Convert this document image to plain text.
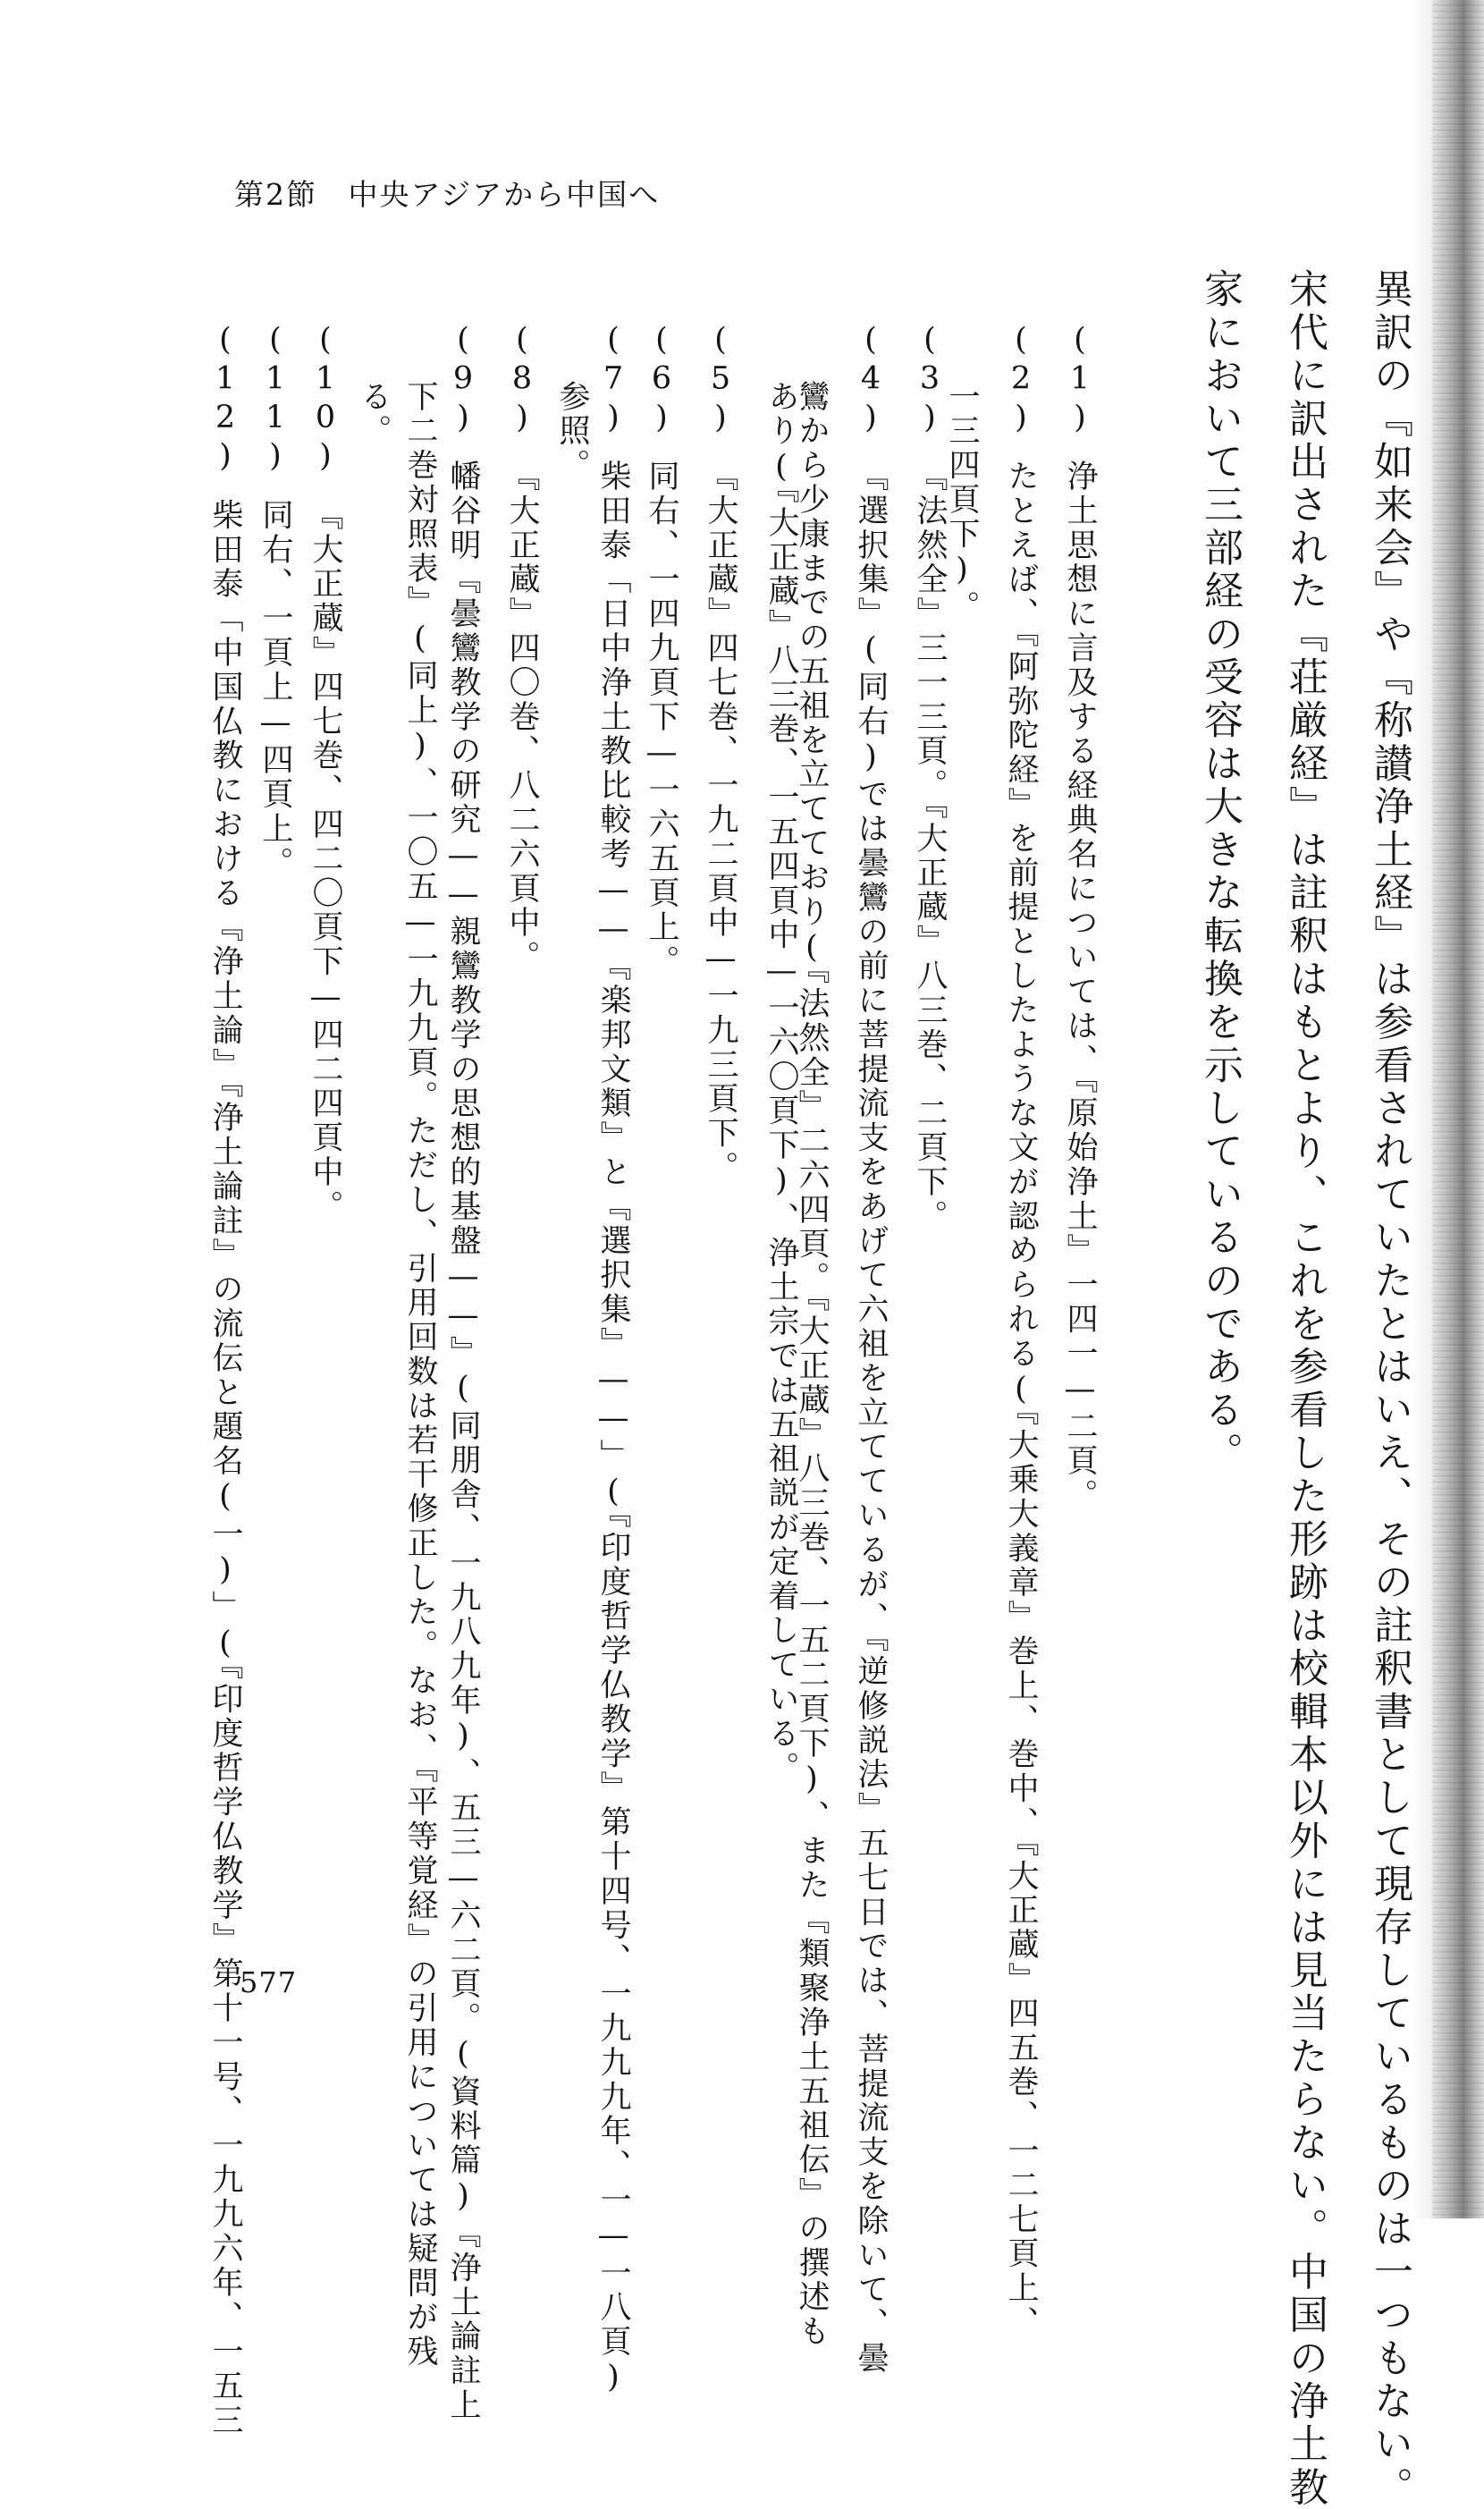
第2節 中央アジアから中国へ
異訳の『如来会』や『称讃浄土経』は参看されていたとはいえ、その註釈書として現存しているものは一つもない。
宋代に訳出された『荘厳経』は註釈はもとより、これを参看した形跡は校輯本以外には見当たらない。中国の浄土教
家において三部経の受容は大きな転換を示しているのである。
(1)浄土思想に言及する経典名については、『原始浄土』一四一—二頁。
(2)たとえば、『阿弥陀経』を前提としたような文が認められる(『大乗大義章』巻上、巻中、『大正蔵』四五巻、一二七頁上、
一三四頁下)。
(3)『法然全』三一三頁。『大正蔵』八三巻、二頁下。
(4)『選択集』(同右)では曇鸞の前に菩提流支をあげて六祖を立てているが、『逆修説法』五七日では、菩提流支を除いて、曇
鸞から少康までの五祖を立てており(『法然全』二六四頁。『大正蔵』八三巻、一五二頁下)、また『類聚浄土五祖伝』の撰述も
あり(『大正蔵』八三巻、一五四頁中—一六〇頁下)、浄土宗では五祖説が定着している。
(5)『大正蔵』四七巻、一九二頁中—一九三頁下。
(6)同右、一四九頁下—一六五頁上。
(7)柴田泰「日中浄土教比較考——『楽邦文類』と『選択集』——」(『印度哲学仏教学』第十四号、一九九九年、一—一八頁)
参照。
(8)『大正蔵』四〇巻、八二六頁中。
(9)幡谷明『曇鸞教学の研究——親鸞教学の思想的基盤——』(同朋舎、一九八九年)、五三—六二頁。(資料篇)『浄土論註上
下二巻対照表』(同上)、一〇五—一九九頁。ただし、引用回数は若干修正した。なお、『平等覚経』の引用については疑問が残
る。
(10)『大正蔵』四七巻、四二〇頁下—四二四頁中。
(11)同右、一頁上—四頁上。
(12)柴田泰「中国仏教における『浄土論』『浄土論註』の流伝と題名(一)」(『印度哲学仏教学』第十一号、一九九六年、一五三
577
